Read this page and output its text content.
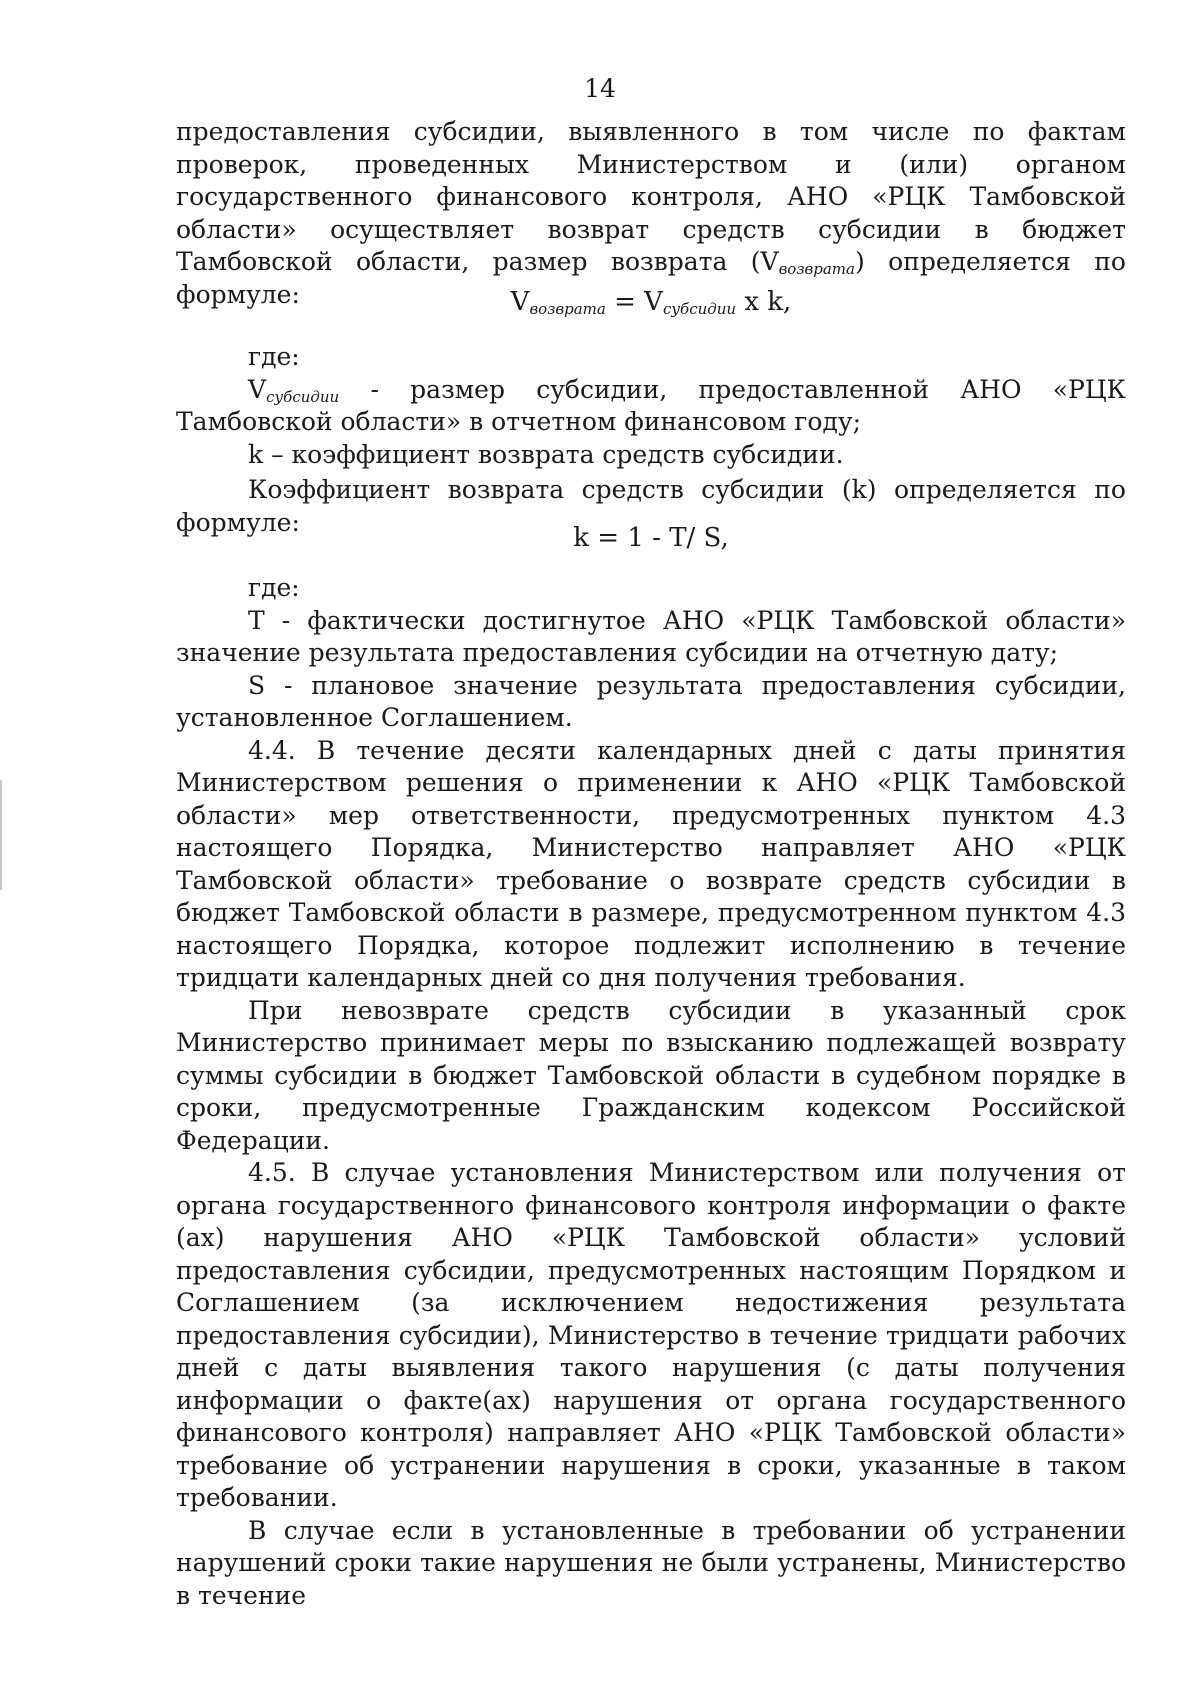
14

предоставления субсидии, выявленного в том числе по фактам проверок, проведенных Министерством и (или) органом государственного финансового контроля, АНО «РЦК Тамбовской области» осуществляет возврат средств субсидии в бюджет Тамбовской области, размер возврата $(V_{возврата})$ определяется по формуле:	$V_{возврата} = V_{субсидии}$ х k,

где:

$V_{субсидии}$ - размер субсидии, предоставленной АНО «РЦК Тамбовской области» в отчетном финансовом году;

k – коэффициент возврата средств субсидии.

Коэффициент возврата средств субсидии (k) определяется по формуле:

k = 1 - T/ S,

где:

T - фактически достигнутое АНО «РЦК Тамбовской области» значение результата предоставления субсидии на отчетную дату;

S - плановое значение результата предоставления субсидии, установленное Соглашением.

4.4. В течение десяти календарных дней с даты принятия Министерством решения о применении к АНО «РЦК Тамбовской области» мер ответственности, предусмотренных пунктом 4.3 настоящего Порядка, Министерство направляет АНО «РЦК Тамбовской области» требование о возврате средств субсидии в бюджет Тамбовской области в размере, предусмотренном пунктом 4.3 настоящего Порядка, которое подлежит исполнению в течение тридцати календарных дней со дня получения требования.

При невозврате средств субсидии в указанный срок Министерство принимает меры по взысканию подлежащей возврату суммы субсидии в бюджет Тамбовской области в судебном порядке в сроки, предусмотренные Гражданским кодексом Российской Федерации.

4.5. В случае установления Министерством или получения от органа государственного финансового контроля информации о факте (ах) нарушения АНО «РЦК Тамбовской области» условий предоставления субсидии, предусмотренных настоящим Порядком и Соглашением (за исключением недостижения результата предоставления субсидии), Министерство в течение тридцати рабочих дней с даты выявления такого нарушения (с даты получения информации о факте(ах) нарушения от органа государственного финансового контроля) направляет АНО «РЦК Тамбовской области» требование об устранении нарушения в сроки, указанные в таком требовании.

В случае если в установленные в требовании об устранении нарушений сроки такие нарушения не были устранены, Министерство в течение
